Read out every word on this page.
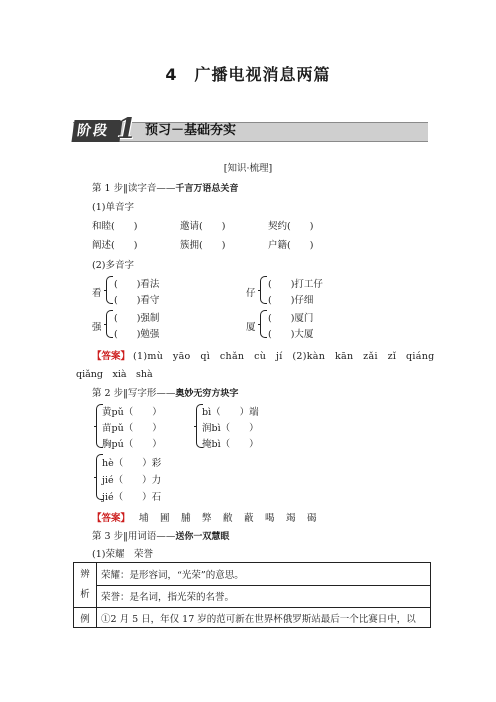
4　广播电视消息两篇
阶段 1 预习－基础夯实
[知识·梳理]
第 1 步‖读字音——千言万语总关音
(1)单音字
和睦(　　)	邀请(　　)	契约(　　)
阐述(　　)	簇拥(　　)	户籍(　　)
(2)多音字
看
(　　)看法
(　　)看守
仔
(　　)打工仔
(　　)仔细
强
(　　)强制
(　　)勉强
厦
(　　)厦门
(　　)大厦
【答案】 (1)mù　yāo　qì　chǎn　cù　jí　(2)kàn　kān　zǎi　zǐ　qiáng
qiǎng　xià　shà
第 2 步‖写字形——奥妙无穷方块字
黄pǔ（　　）
苗pǔ（　　）
胸pú（　　）
bì（　　）端
润bì（　　）
掩bì（　　）
hè（　　）彩
jié（　　）力
jié（　　）石
【答案】 埔　圃　脯　弊　敝　蔽　喝　竭　碣
第 3 步‖用词语——送你一双慧眼
(1)荣耀　荣誉
辨
析	荣耀：是形容词，“光荣”的意思。
	荣誉：是名词，指光荣的名誉。
例	①2 月 5 日，年仅 17 岁的范可新在世界杯俄罗斯站最后一个比赛日中，以
